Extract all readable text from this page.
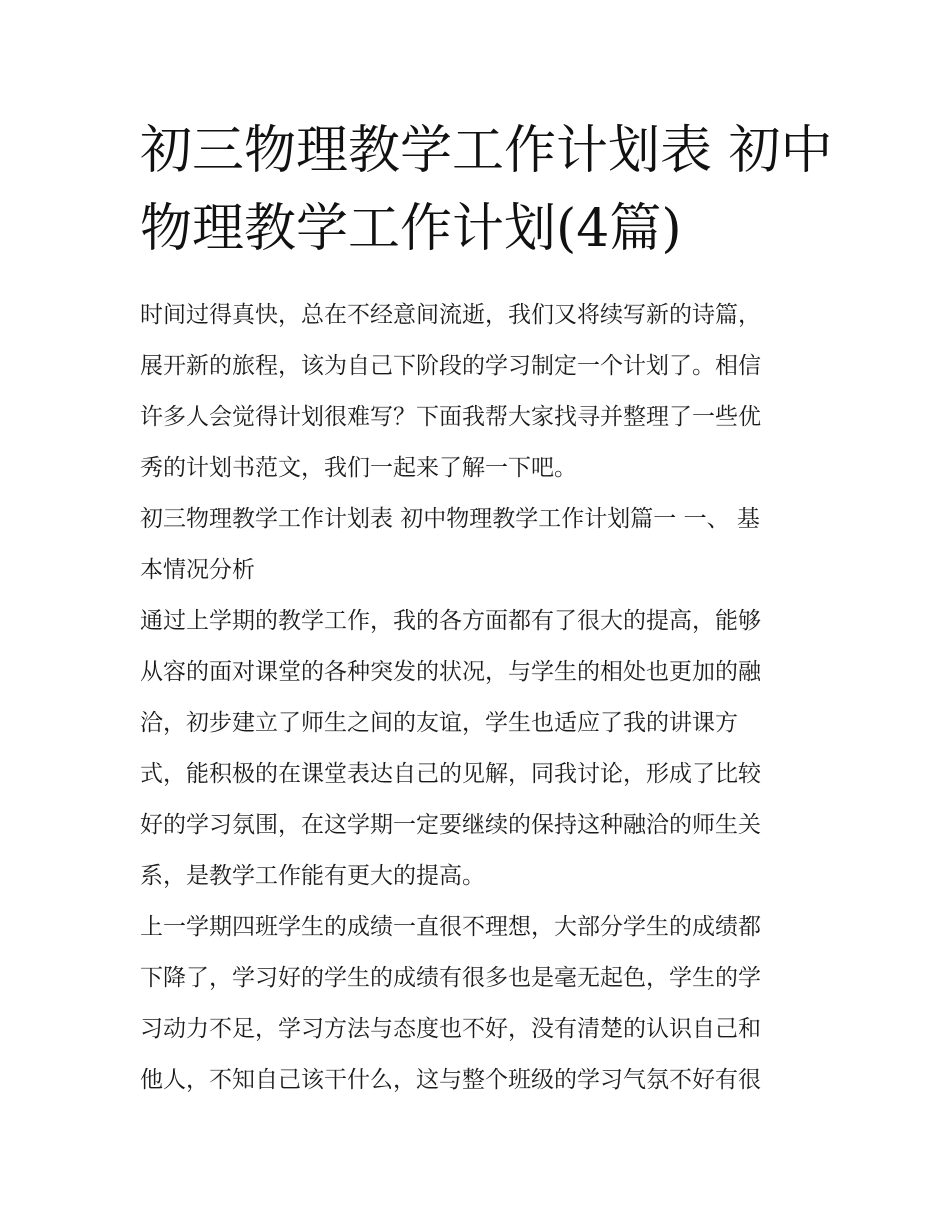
初三物理教学工作计划表 初中
物理教学工作计划(4篇)

时间过得真快，总在不经意间流逝，我们又将续写新的诗篇，
展开新的旅程，该为自己下阶段的学习制定一个计划了。相信
许多人会觉得计划很难写？下面我帮大家找寻并整理了一些优
秀的计划书范文，我们一起来了解一下吧。

初三物理教学工作计划表 初中物理教学工作计划篇一 一、 基
本情况分析

通过上学期的教学工作，我的各方面都有了很大的提高，能够
从容的面对课堂的各种突发的状况，与学生的相处也更加的融
洽，初步建立了师生之间的友谊，学生也适应了我的讲课方
式，能积极的在课堂表达自己的见解，同我讨论，形成了比较
好的学习氛围，在这学期一定要继续的保持这种融洽的师生关
系，是教学工作能有更大的提高。

上一学期四班学生的成绩一直很不理想，大部分学生的成绩都
下降了，学习好的学生的成绩有很多也是毫无起色，学生的学
习动力不足，学习方法与态度也不好，没有清楚的认识自己和
他人，不知自己该干什么，这与整个班级的学习气氛不好有很
